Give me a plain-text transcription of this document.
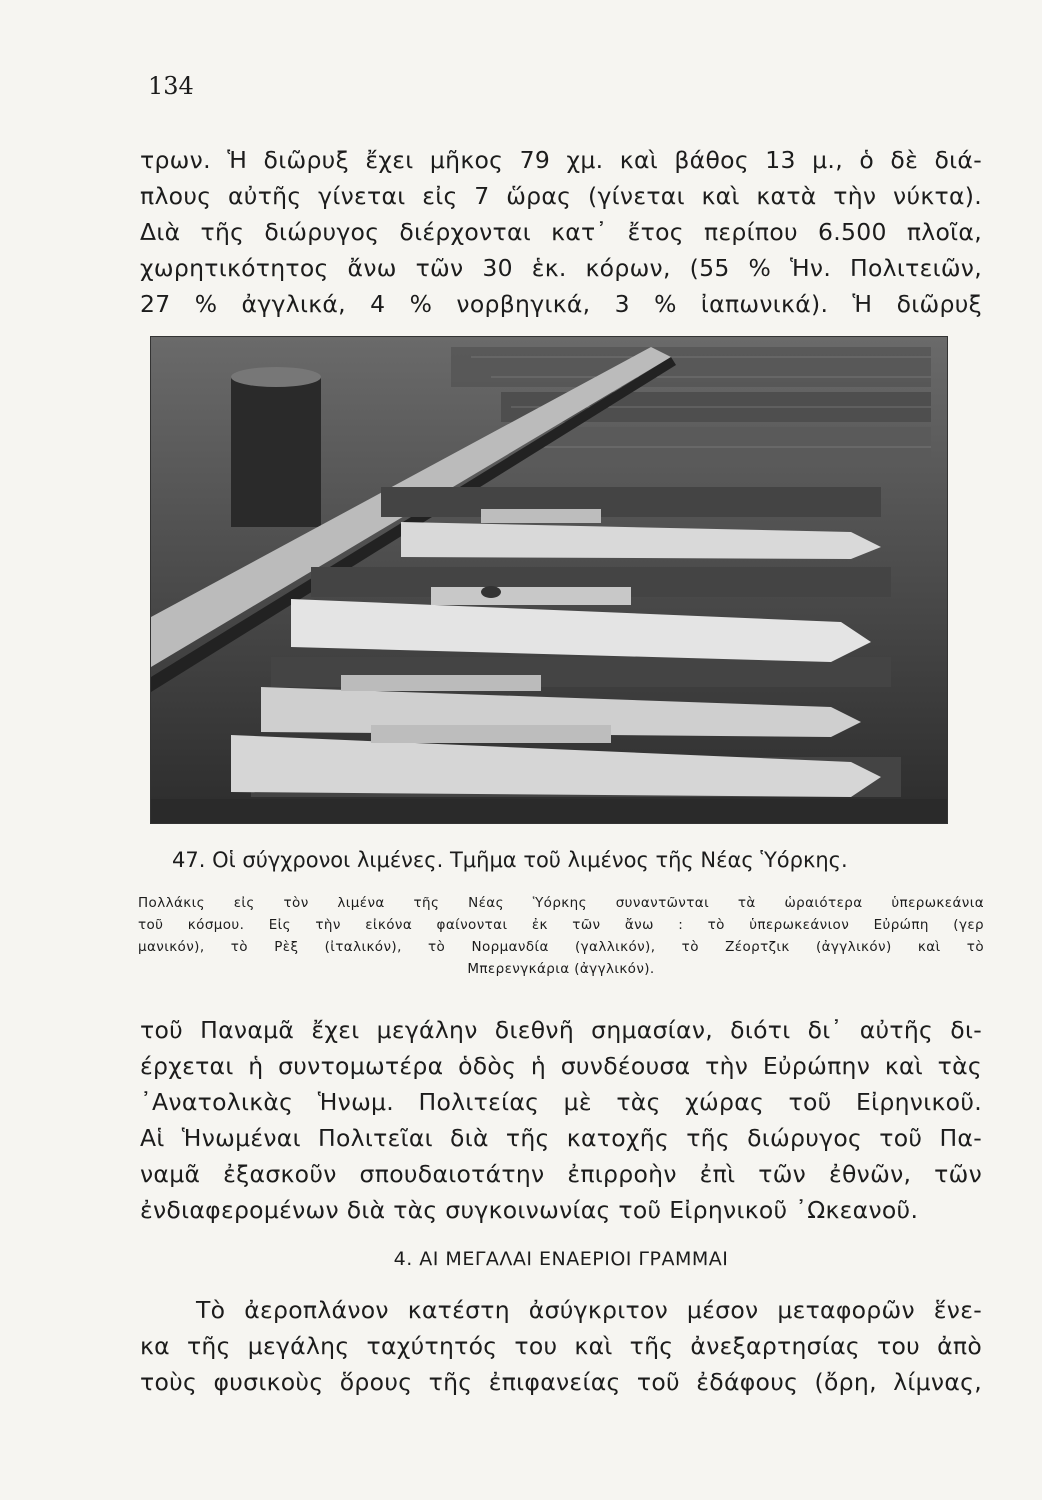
134
τρων. Ἡ διῶρυξ ἔχει μῆκος 79 χμ. καὶ βάθος 13 μ., ὁ δὲ διά-
πλους αὐτῆς γίνεται εἰς 7 ὥρας (γίνεται καὶ κατὰ τὴν νύκτα).
Διὰ τῆς διώρυγος διέρχονται κατ᾽ ἔτος περίπου 6.500 πλοῖα,
χωρητικότητος ἄνω τῶν 30 ἑκ. κόρων, (55 % Ἡν. Πολιτειῶν,
27 % ἀγγλικά, 4 % νορβηγικά, 3 % ἰαπωνικά). Ἡ διῶρυξ
47. Οἱ σύγχρονοι λιμένες. Τμῆμα τοῦ λιμένος τῆς Νέας Ὑόρκης.
Πολλάκις εἰς τὸν λιμένα τῆς Νέας Ὑόρκης συναντῶνται τὰ ὡραιότερα ὑπερωκεάνια
τοῦ κόσμου. Εἰς τὴν εἰκόνα φαίνονται ἐκ τῶν ἄνω : τὸ ὑπερωκεάνιον Εὐρώπη (γερ
μανικόν), τὸ Ρὲξ (ἰταλικόν), τὸ Νορμανδία (γαλλικόν), τὸ Ζέορτζικ (ἀγγλικόν) καὶ τὸ
Μπερενγκάρια (ἀγγλικόν).
τοῦ Παναμᾶ ἔχει μεγάλην διεθνῆ σημασίαν, διότι δι᾽ αὐτῆς δι-
έρχεται ἡ συντομωτέρα ὁδὸς ἡ συνδέουσα τὴν Εὐρώπην καὶ τὰς
᾽Ανατολικὰς Ἡνωμ. Πολιτείας μὲ τὰς χώρας τοῦ Εἰρηνικοῦ.
Αἱ Ἡνωμέναι Πολιτεῖαι διὰ τῆς κατοχῆς τῆς διώρυγος τοῦ Πα-
ναμᾶ ἐξασκοῦν σπουδαιοτάτην ἐπιρροὴν ἐπὶ τῶν ἐθνῶν, τῶν
ἐνδιαφερομένων διὰ τὰς συγκοινωνίας τοῦ Εἰρηνικοῦ ᾽Ωκεανοῦ.
4. ΑΙ ΜΕΓΑΛΑΙ ΕΝΑΕΡΙΟΙ ΓΡΑΜΜΑΙ
Τὸ ἀεροπλάνον κατέστη ἀσύγκριτον μέσον μεταφορῶν ἕνε-
κα τῆς μεγάλης ταχύτητός του καὶ τῆς ἀνεξαρτησίας του ἀπὸ
τοὺς φυσικοὺς ὅρους τῆς ἐπιφανείας τοῦ ἐδάφους (ὄρη, λίμνας,
